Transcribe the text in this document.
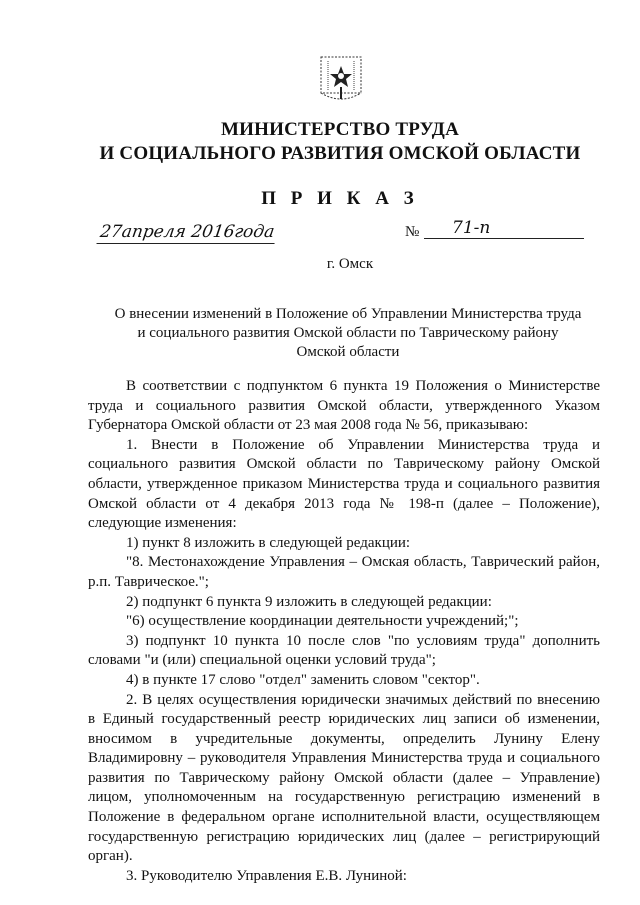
МИНИСТЕРСТВО ТРУДА
И СОЦИАЛЬНОГО РАЗВИТИЯ ОМСКОЙ ОБЛАСТИ
П Р И К А З
27апреля 2016года	№ 71-п
г. Омск
О внесении изменений в Положение об Управлении Министерства труда
и социального развития Омской области по Таврическому району
Омской области

В соответствии с подпунктом 6 пункта 19 Положения о Министерстве труда и социального развития Омской области, утвержденного Указом Губернатора Омской области от 23 мая 2008 года № 56, приказываю:

1. Внести в Положение об Управлении Министерства труда и социального развития Омской области по Таврическому району Омской области, утвержденное приказом Министерства труда и социального развития Омской области от 4 декабря 2013 года № 198-п (далее – Положение), следующие изменения:

1) пункт 8 изложить в следующей редакции:

"8. Местонахождение Управления – Омская область, Таврический район, р.п. Таврическое.";

2) подпункт 6 пункта 9 изложить в следующей редакции:

"6) осуществление координации деятельности учреждений;";

3) подпункт 10 пункта 10 после слов "по условиям труда" дополнить словами "и (или) специальной оценки условий труда";

4) в пункте 17 слово "отдел" заменить словом "сектор".

2. В целях осуществления юридически значимых действий по внесению в Единый государственный реестр юридических лиц записи об изменении, вносимом в учредительные документы, определить Лунину Елену Владимировну – руководителя Управления Министерства труда и социального развития по Таврическому району Омской области (далее – Управление) лицом, уполномоченным на государственную регистрацию изменений в Положение в федеральном органе исполнительной власти, осуществляющем государственную регистрацию юридических лиц (далее – регистрирующий орган).

3. Руководителю Управления Е.В. Луниной:
